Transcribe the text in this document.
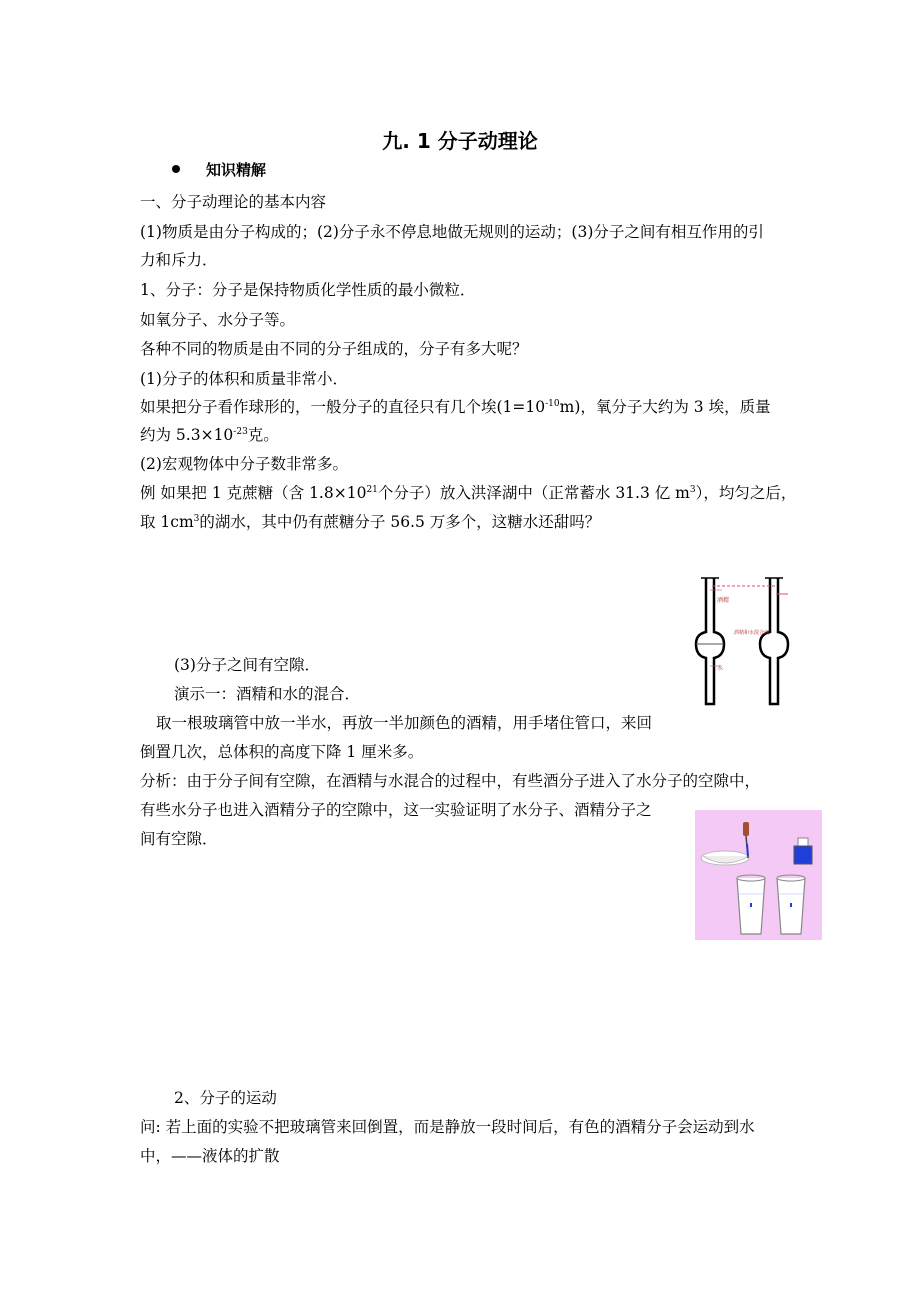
九. 1 分子动理论
知识精解
一、分子动理论的基本内容
(1)物质是由分子构成的；(2)分子永不停息地做无规则的运动；(3)分子之间有相互作用的引
力和斥力．
1、分子：分子是保持物质化学性质的最小微粒．
如氧分子、水分子等。
各种不同的物质是由不同的分子组成的，分子有多大呢？
(1)分子的体积和质量非常小．
如果把分子看作球形的，一般分子的直径只有几个埃$(1=10^{-10}m)$，氧分子大约为 3 埃，质量
约为 $5.3\times 10^{-23}$克。
(2)宏观物体中分子数非常多。
例 如果把 1 克蔗糖（含 $1.8\times 10^{21}$个分子）放入洪泽湖中（正常蓄水 31.3 亿 $m^3$），均匀之后，
取 $1cm^3$的湖水，其中仍有蔗糖分子 56.5 万多个，这糖水还甜吗？
酒精
酒精和水混合液
水
(3)分子之间有空隙．
演示一：酒精和水的混合．
取一根玻璃管中放一半水，再放一半加颜色的酒精，用手堵住管口，来回
倒置几次，总体积的高度下降 1 厘米多。
分析：由于分子间有空隙，在酒精与水混合的过程中，有些酒分子进入了水分子的空隙中，
有些水分子也进入酒精分子的空隙中，这一实验证明了水分子、酒精分子之
间有空隙．
2、分子的运动
问: 若上面的实验不把玻璃管来回倒置，而是静放一段时间后，有色的酒精分子会运动到水
中，——液体的扩散
